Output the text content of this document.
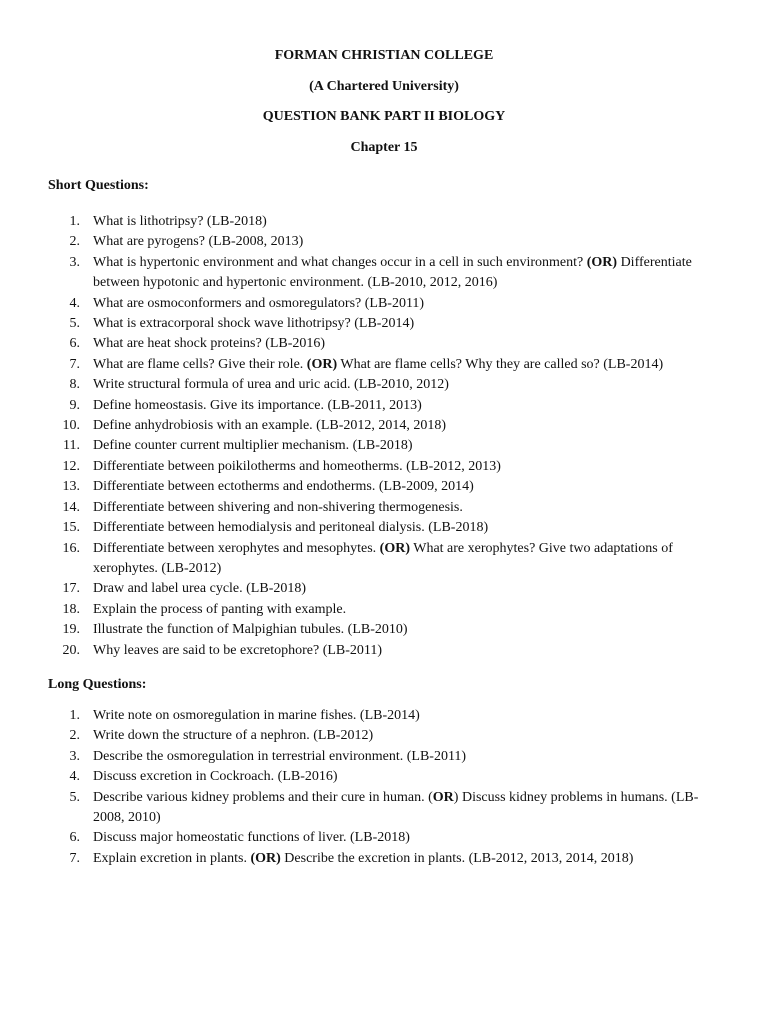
FORMAN CHRISTIAN COLLEGE
(A Chartered University)
QUESTION BANK PART II BIOLOGY
Chapter 15
Short Questions:
1. What is lithotripsy? (LB-2018)
2. What are pyrogens? (LB-2008, 2013)
3. What is hypertonic environment and what changes occur in a cell in such environment? (OR) Differentiate between hypotonic and hypertonic environment. (LB-2010, 2012, 2016)
4. What are osmoconformers and osmoregulators? (LB-2011)
5. What is extracorporal shock wave lithotripsy? (LB-2014)
6. What are heat shock proteins? (LB-2016)
7. What are flame cells? Give their role. (OR) What are flame cells? Why they are called so? (LB-2014)
8. Write structural formula of urea and uric acid. (LB-2010, 2012)
9. Define homeostasis. Give its importance. (LB-2011, 2013)
10. Define anhydrobiosis with an example. (LB-2012, 2014, 2018)
11. Define counter current multiplier mechanism. (LB-2018)
12. Differentiate between poikilotherms and homeotherms. (LB-2012, 2013)
13. Differentiate between ectotherms and endotherms. (LB-2009, 2014)
14. Differentiate between shivering and non-shivering thermogenesis.
15. Differentiate between hemodialysis and peritoneal dialysis. (LB-2018)
16. Differentiate between xerophytes and mesophytes. (OR) What are xerophytes? Give two adaptations of xerophytes. (LB-2012)
17. Draw and label urea cycle. (LB-2018)
18. Explain the process of panting with example.
19. Illustrate the function of Malpighian tubules. (LB-2010)
20. Why leaves are said to be excretophore? (LB-2011)
Long Questions:
1. Write note on osmoregulation in marine fishes. (LB-2014)
2. Write down the structure of a nephron. (LB-2012)
3. Describe the osmoregulation in terrestrial environment. (LB-2011)
4. Discuss excretion in Cockroach. (LB-2016)
5. Describe various kidney problems and their cure in human. (OR) Discuss kidney problems in humans. (LB-2008, 2010)
6. Discuss major homeostatic functions of liver. (LB-2018)
7. Explain excretion in plants. (OR) Describe the excretion in plants. (LB-2012, 2013, 2014, 2018)
